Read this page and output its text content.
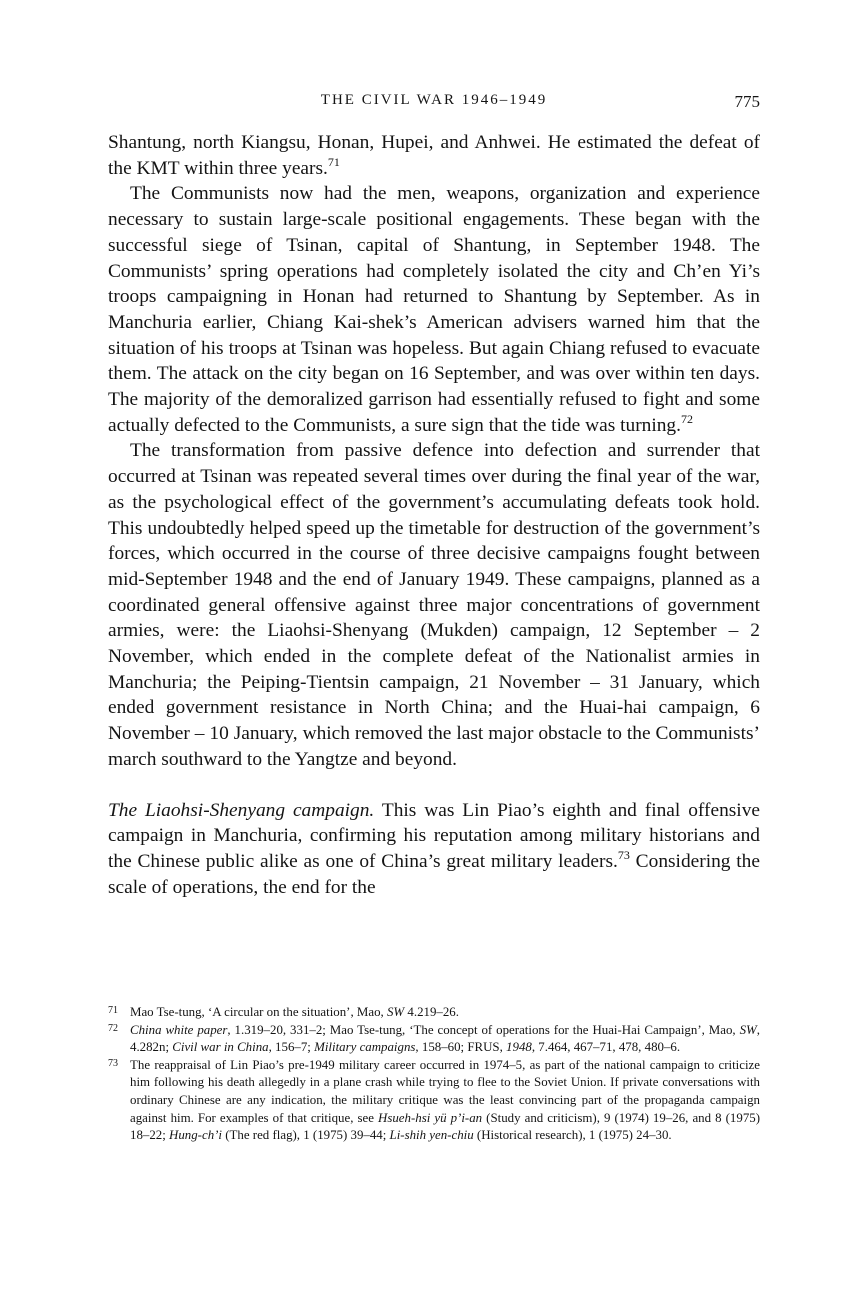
THE CIVIL WAR 1946–1949	775

Shantung, north Kiangsu, Honan, Hupei, and Anhwei. He estimated the defeat of the KMT within three years.$^{71}$

The Communists now had the men, weapons, organization and experience necessary to sustain large-scale positional engagements. These began with the successful siege of Tsinan, capital of Shantung, in September 1948. The Communists’ spring operations had completely isolated the city and Ch’en Yi’s troops campaigning in Honan had returned to Shantung by September. As in Manchuria earlier, Chiang Kai-shek’s American advisers warned him that the situation of his troops at Tsinan was hopeless. But again Chiang refused to evacuate them. The attack on the city began on 16 September, and was over within ten days. The majority of the demoralized garrison had essentially refused to fight and some actually defected to the Communists, a sure sign that the tide was turning.$^{72}$

The transformation from passive defence into defection and surrender that occurred at Tsinan was repeated several times over during the final year of the war, as the psychological effect of the government’s accumulating defeats took hold. This undoubtedly helped speed up the timetable for destruction of the government’s forces, which occurred in the course of three decisive campaigns fought between mid-September 1948 and the end of January 1949. These campaigns, planned as a coordinated general offensive against three major concentrations of government armies, were: the Liaohsi-Shenyang (Mukden) campaign, 12 September – 2 November, which ended in the complete defeat of the Nationalist armies in Manchuria; the Peiping-Tientsin campaign, 21 November – 31 January, which ended government resistance in North China; and the Huai-hai campaign, 6 November – 10 January, which removed the last major obstacle to the Communists’ march southward to the Yangtze and beyond.

The Liaohsi-Shenyang campaign. This was Lin Piao’s eighth and final offensive campaign in Manchuria, confirming his reputation among military historians and the Chinese public alike as one of China’s great military leaders.$^{73}$ Considering the scale of operations, the end for the

71 Mao Tse-tung, ‘A circular on the situation’, Mao, SW 4.219–26.

72 China white paper, 1.319–20, 331–2; Mao Tse-tung, ‘The concept of operations for the Huai-Hai Campaign’, Mao, SW, 4.282n; Civil war in China, 156–7; Military campaigns, 158–60; FRUS, 1948, 7.464, 467–71, 478, 480–6.

73 The reappraisal of Lin Piao’s pre-1949 military career occurred in 1974–5, as part of the national campaign to criticize him following his death allegedly in a plane crash while trying to flee to the Soviet Union. If private conversations with ordinary Chinese are any indication, the military critique was the least convincing part of the propaganda campaign against him. For examples of that critique, see Hsueh-hsi yü p’i-an (Study and criticism), 9 (1974) 19–26, and 8 (1975) 18–22; Hung-ch’i (The red flag), 1 (1975) 39–44; Li-shih yen-chiu (Historical research), 1 (1975) 24–30.
